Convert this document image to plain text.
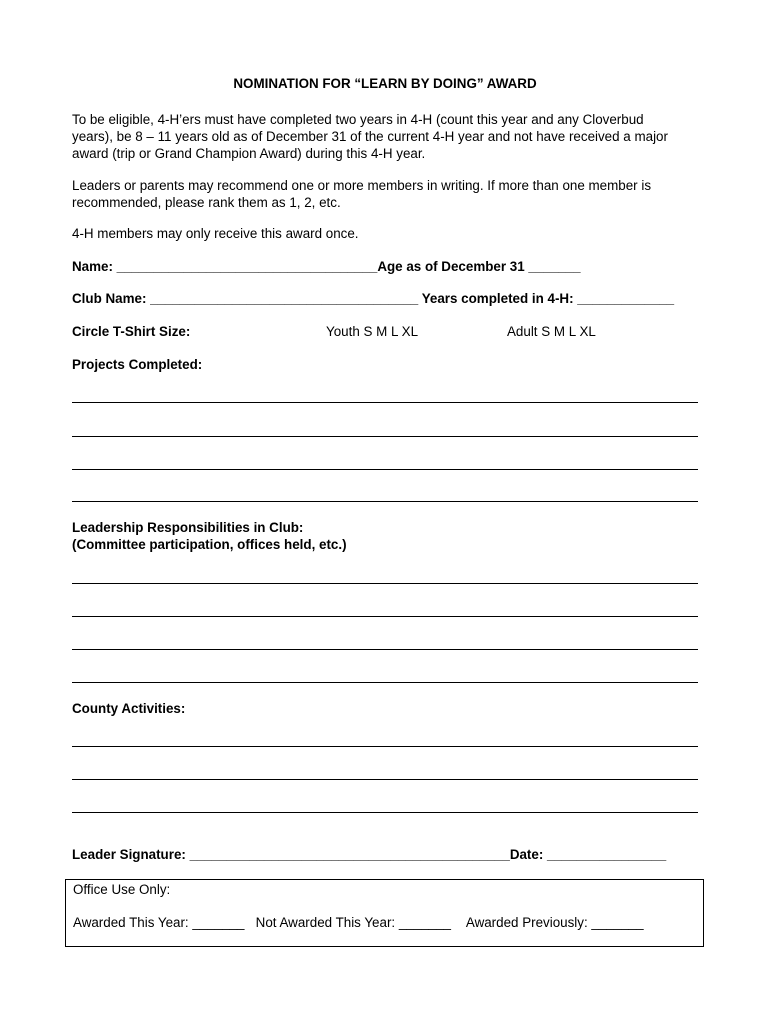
NOMINATION FOR “LEARN BY DOING” AWARD

To be eligible, 4-H’ers must have completed two years in 4-H (count this year and any Cloverbud
years), be 8 – 11 years old as of December 31 of the current 4-H year and not have received a major
award (trip or Grand Champion Award) during this 4-H year.

Leaders or parents may recommend one or more members in writing. If more than one member is
recommended, please rank them as 1, 2, etc.

4-H members may only receive this award once.

Name: ___________________________________Age as of December 31 _______
Club Name: ____________________________________ Years completed in 4-H: _____________
Circle T-Shirt Size:	Youth S M L XL	Adult S M L XL
Projects Completed:
Leadership Responsibilities in Club:
(Committee participation, offices held, etc.)
County Activities:
Leader Signature: ___________________________________________Date: ________________
Office Use Only:
Awarded This Year: _______ Not Awarded This Year: _______ Awarded Previously: _______
